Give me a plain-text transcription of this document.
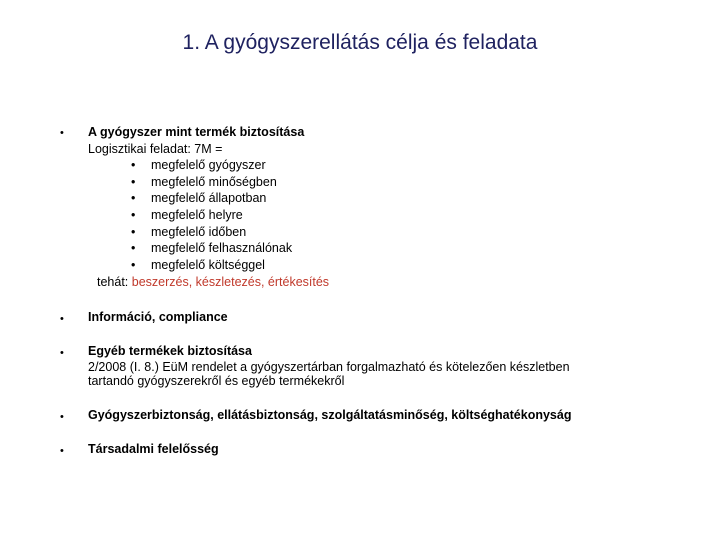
1. A gyógyszerellátás célja és feladata
• A gyógyszer mint termék biztosítása
Logisztikai feladat: 7M =
• megfelelő gyógyszer
• megfelelő minőségben
• megfelelő állapotban
• megfelelő helyre
• megfelelő időben
• megfelelő felhasználónak
• megfelelő költséggel
tehát: beszerzés, készletezés, értékesítés
• Információ, compliance
• Egyéb termékek biztosítása
2/2008 (I. 8.) EüM rendelet a gyógyszertárban forgalmazható és kötelezően készletben
tartandó gyógyszerekről és egyéb termékekről
• Gyógyszerbiztonság, ellátásbiztonság, szolgáltatásminőség, költséghatékonyság
• Társadalmi felelősség
